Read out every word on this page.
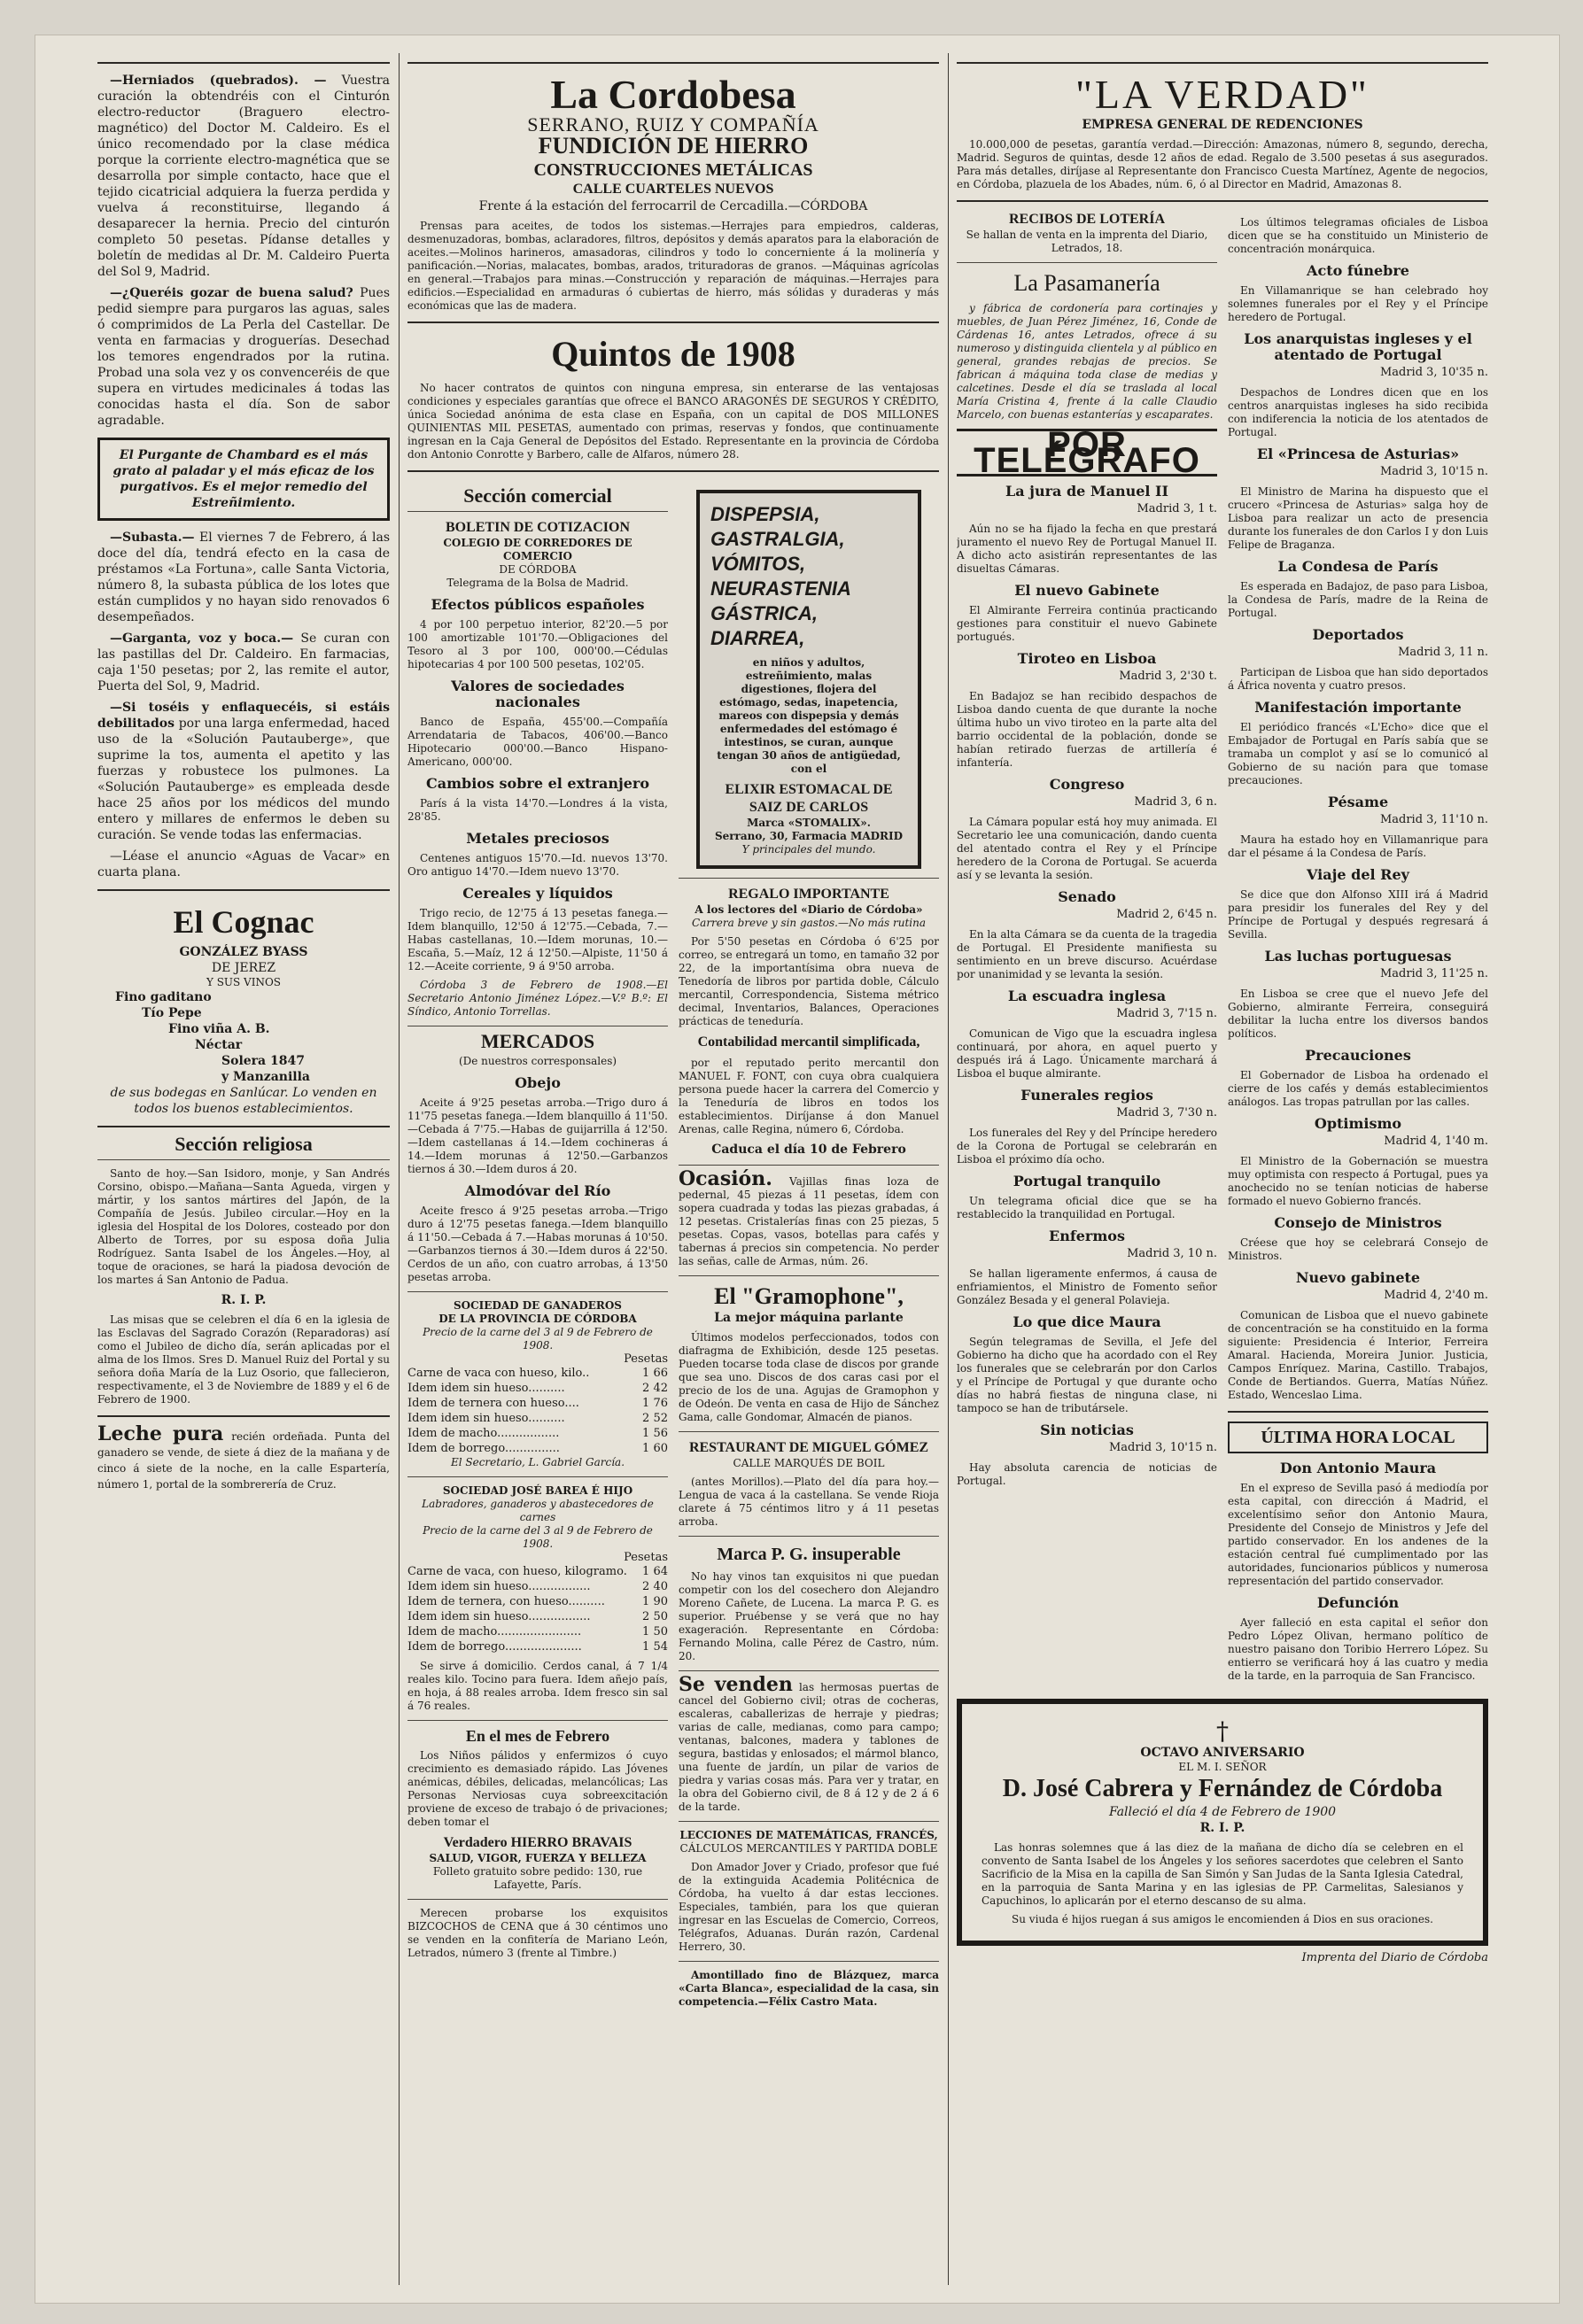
—Herniados (quebrados). — Vuestra curación la obtendréis con el Cinturón electro-reductor (Braguero electro-magnético) del Doctor M. Caldeiro. Es el único recomendado por la clase médica porque la corriente electro-magnética que se desarrolla por simple contacto, hace que el tejido cicatricial adquiera la fuerza perdida y vuelva á reconstituirse, llegando á desaparecer la hernia. Precio del cinturón completo 50 pesetas. Pídanse detalles y boletín de medidas al Dr. M. Caldeiro Puerta del Sol 9, Madrid.
—¿Queréis gozar de buena salud? Pues pedid siempre para purgaros las aguas, sales ó comprimidos de La Perla del Castellar. De venta en farmacias y droguerías. Desechad los temores engendrados por la rutina. Probad una sola vez y os convenceréis de que supera en virtudes medicinales á todas las conocidas hasta el día. Son de sabor agradable.
El Purgante de Chambard es el más grato al paladar y el más eficaz de los purgativos. Es el mejor remedio del Estreñimiento.
—Subasta.— El viernes 7 de Febrero, á las doce del día, tendrá efecto en la casa de préstamos «La Fortuna», calle Santa Victoria, número 8, la subasta pública de los lotes que están cumplidos y no hayan sido renovados 6 desempeñados.
—Garganta, voz y boca.— Se curan con las pastillas del Dr. Caldeiro. En farmacias, caja 1'50 pesetas; por 2, las remite el autor, Puerta del Sol, 9, Madrid.
—Si toséis y enflaquecéis, si estáis debilitados por una larga enfermedad, haced uso de la «Solución Pautauberge», que suprime la tos, aumenta el apetito y las fuerzas y robustece los pulmones. La «Solución Pautauberge» es empleada desde hace 25 años por los médicos del mundo entero y millares de enfermos le deben su curación. Se vende todas las enfermacias.
—Léase el anuncio «Aguas de Vacar» en cuarta plana.
El Cognac
GONZÁLEZ BYASS
DE JEREZ
Y SUS VINOS
Fino gaditano
Tío Pepe
Fino viña A. B.
Néctar
Solera 1847
y Manzanilla
de sus bodegas en Sanlúcar. Lo venden en todos los buenos establecimientos.
Sección religiosa
Santo de hoy.—San Isidoro, monje, y San Andrés Corsino, obispo.—Mañana—Santa Agueda, virgen y mártir, y los santos mártires del Japón, de la Compañía de Jesús. Jubileo circular.—Hoy en la iglesia del Hospital de los Dolores, costeado por don Alberto de Torres, por su esposa doña Julia Rodríguez. Santa Isabel de los Ángeles.—Hoy, al toque de oraciones, se hará la piadosa devoción de los martes á San Antonio de Padua.
R. I. P.
Las misas que se celebren el día 6 en la iglesia de las Esclavas del Sagrado Corazón (Reparadoras) así como el Jubileo de dicho día, serán aplicadas por el alma de los Ilmos. Sres D. Manuel Ruiz del Portal y su señora doña María de la Luz Osorio, que fallecieron, respectivamente, el 3 de Noviembre de 1889 y el 6 de Febrero de 1900.
Leche pura recién ordeñada. Punta del ganadero se vende, de siete á diez de la mañana y de cinco á siete de la noche, en la calle Espartería, número 1, portal de la sombrerería de Cruz.
La Cordobesa
SERRANO, RUIZ Y COMPAÑÍA
FUNDICIÓN DE HIERRO
CONSTRUCCIONES METÁLICAS
CALLE CUARTELES NUEVOS
Frente á la estación del ferrocarril de Cercadilla.—CÓRDOBA
Prensas para aceites, de todos los sistemas.—Herrajes para empiedros, calderas, desmenuzadoras, bombas, aclaradores, filtros, depósitos y demás aparatos para la elaboración de aceites.—Molinos harineros, amasadoras, cilindros y todo lo concerniente á la molinería y panificación.—Norias, malacates, bombas, arados, trituradoras de granos. —Máquinas agrícolas en general.—Trabajos para minas.—Construcción y reparación de máquinas.—Herrajes para edificios.—Especialidad en armaduras ó cubiertas de hierro, más sólidas y duraderas y más económicas que las de madera.
Quintos de 1908
No hacer contratos de quintos con ninguna empresa, sin enterarse de las ventajosas condiciones y especiales garantías que ofrece el BANCO ARAGONÉS DE SEGUROS Y CRÉDITO, única Sociedad anónima de esta clase en España, con un capital de DOS MILLONES QUINIENTAS MIL PESETAS, aumentado con primas, reservas y fondos, que continuamente ingresan en la Caja General de Depósitos del Estado. Representante en la provincia de Córdoba don Antonio Conrotte y Barbero, calle de Alfaros, número 28.
Sección comercial
BOLETIN DE COTIZACION
COLEGIO DE CORREDORES DE COMERCIO
DE CÓRDOBA
Telegrama de la Bolsa de Madrid.
Efectos públicos españoles
4 por 100 perpetuo interior, 82'20.—5 por 100 amortizable 101'70.—Obligaciones del Tesoro al 3 por 100, 000'00.—Cédulas hipotecarias 4 por 100 500 pesetas, 102'05.
Valores de sociedades nacionales
Banco de España, 455'00.—Compañía Arrendataria de Tabacos, 406'00.—Banco Hipotecario 000'00.—Banco Hispano-Americano, 000'00.
Cambios sobre el extranjero
París á la vista 14'70.—Londres á la vista, 28'85.
Metales preciosos
Centenes antiguos 15'70.—Id. nuevos 13'70. Oro antiguo 14'70.—Idem nuevo 13'70.
Cereales y líquidos
Trigo recio, de 12'75 á 13 pesetas fanega.—Idem blanquillo, 12'50 á 12'75.—Cebada, 7.—Habas castellanas, 10.—Idem morunas, 10.—Escaña, 5.—Maíz, 12 á 12'50.—Alpiste, 11'50 á 12.—Aceite corriente, 9 á 9'50 arroba.
Córdoba 3 de Febrero de 1908.—El Secretario Antonio Jiménez López.—V.º B.º: El Síndico, Antonio Torrellas.
MERCADOS
(De nuestros corresponsales)
Obejo
Aceite á 9'25 pesetas arroba.—Trigo duro á 11'75 pesetas fanega.—Idem blanquillo á 11'50.—Cebada á 7'75.—Habas de guijarrilla á 12'50.—Idem castellanas á 14.—Idem cochineras á 14.—Idem morunas á 12'50.—Garbanzos tiernos á 30.—Idem duros á 20.
Almodóvar del Río
Aceite fresco á 9'25 pesetas arroba.—Trigo duro á 12'75 pesetas fanega.—Idem blanquillo á 11'50.—Cebada á 7.—Habas morunas á 10'50. —Garbanzos tiernos á 30.—Idem duros á 22'50. Cerdos de un año, con cuatro arrobas, á 13'50 pesetas arroba.
SOCIEDAD DE GANADEROS
DE LA PROVINCIA DE CÓRDOBA
Precio de la carne del 3 al 9 de Febrero de 1908.
Pesetas
Carne de vaca con hueso, kilo..	1 66
Idem idem sin hueso..........	2 42
Idem de ternera con hueso....	1 76
Idem idem sin hueso..........	2 52
Idem de macho.................	1 56
Idem de borrego...............	1 60
El Secretario, L. Gabriel García.
SOCIEDAD JOSÉ BAREA É HIJO
Labradores, ganaderos y abastecedores de carnes
Precio de la carne del 3 al 9 de Febrero de 1908.
Pesetas
Carne de vaca, con hueso, kilogramo. 1 64
Idem idem sin hueso.................	2 40
Idem de ternera, con hueso..........	1 90
Idem idem sin hueso.................	2 50
Idem de macho.......................	1 50
Idem de borrego.....................	1 54
Se sirve á domicilio. Cerdos canal, á 7 1/4 reales kilo. Tocino para fuera. Idem añejo país, en hoja, á 88 reales arroba. Idem fresco sin sal á 76 reales.
En el mes de Febrero
Los Niños pálidos y enfermizos ó cuyo crecimiento es demasiado rápido. Las Jóvenes anémicas, débiles, delicadas, melancólicas; Las Personas Nerviosas cuya sobreexcitación proviene de exceso de trabajo ó de privaciones; deben tomar el
Verdadero HIERRO BRAVAIS
SALUD, VIGOR, FUERZA Y BELLEZA
Folleto gratuito sobre pedido: 130, rue Lafayette, París.
Merecen probarse los exquisitos BIZCOCHOS de CENA que á 30 céntimos uno se venden en la confitería de Mariano León, Letrados, número 3 (frente al Timbre.)
DISPEPSIA,
GASTRALGIA,
VÓMITOS,
NEURASTENIA
GÁSTRICA,
DIARREA,
en niños y adultos, estreñimiento, malas digestiones, flojera del estómago, sedas, inapetencia, mareos con dispepsia y demás enfermedades del estómago é intestinos, se curan, aunque tengan 30 años de antigüedad, con el
ELIXIR ESTOMACAL DE SAIZ DE CARLOS
Marca «STOMALIX».
Serrano, 30, Farmacia MADRID
Y principales del mundo.
REGALO IMPORTANTE
A los lectores del «Diario de Córdoba»
Carrera breve y sin gastos.—No más rutina
Por 5'50 pesetas en Córdoba ó 6'25 por correo, se entregará un tomo, en tamaño 32 por 22, de la importantísima obra nueva de Tenedoría de libros por partida doble, Cálculo mercantil, Correspondencia, Sistema métrico decimal, Inventarios, Balances, Operaciones prácticas de teneduría.
Contabilidad mercantil simplificada,
por el reputado perito mercantil don MANUEL F. FONT, con cuya obra cualquiera persona puede hacer la carrera del Comercio y la Teneduría de libros en todos los establecimientos. Diríjanse á don Manuel Arenas, calle Regina, número 6, Córdoba.
Caduca el día 10 de Febrero
Ocasión. Vajillas finas loza de pedernal, 45 piezas á 11 pesetas, ídem con sopera cuadrada y todas las piezas grabadas, á 12 pesetas. Cristalerías finas con 25 piezas, 5 pesetas. Copas, vasos, botellas para cafés y tabernas á precios sin competencia. No perder las señas, calle de Armas, núm. 26.
El "Gramophone",
La mejor máquina parlante
Últimos modelos perfeccionados, todos con diafragma de Exhibición, desde 125 pesetas. Pueden tocarse toda clase de discos por grande que sea uno. Discos de dos caras casi por el precio de los de una. Agujas de Gramophon y de Odeón. De venta en casa de Hijo de Sánchez Gama, calle Gondomar, Almacén de pianos.
RESTAURANT DE MIGUEL GÓMEZ
CALLE MARQUÉS DE BOIL
(antes Morillos).—Plato del día para hoy.—Lengua de vaca á la castellana. Se vende Rioja clarete á 75 céntimos litro y á 11 pesetas arroba.
Marca P. G. insuperable
No hay vinos tan exquisitos ni que puedan competir con los del cosechero don Alejandro Moreno Cañete, de Lucena. La marca P. G. es superior. Pruébense y se verá que no hay exageración. Representante en Córdoba: Fernando Molina, calle Pérez de Castro, núm. 20.
Se venden las hermosas puertas de cancel del Gobierno civil; otras de cocheras, escaleras, caballerizas de herraje y piedras; varias de calle, medianas, como para campo; ventanas, balcones, madera y tablones de segura, bastidas y enlosados; el mármol blanco, una fuente de jardín, un pilar de varios de piedra y varias cosas más. Para ver y tratar, en la obra del Gobierno civil, de 8 á 12 y de 2 á 6 de la tarde.
LECCIONES DE MATEMÁTICAS, FRANCÉS,
CÁLCULOS MERCANTILES Y PARTIDA DOBLE
Don Amador Jover y Criado, profesor que fué de la extinguida Academia Politécnica de Córdoba, ha vuelto á dar estas lecciones. Especiales, también, para los que quieran ingresar en las Escuelas de Comercio, Correos, Telégrafos, Aduanas. Durán razón, Cardenal Herrero, 30.
Amontillado fino de Blázquez, marca «Carta Blanca», especialidad de la casa, sin competencia.—Félix Castro Mata.
"LA VERDAD"
EMPRESA GENERAL DE REDENCIONES
10.000,000 de pesetas, garantía verdad.—Dirección: Amazonas, número 8, segundo, derecha, Madrid. Seguros de quintas, desde 12 años de edad. Regalo de 3.500 pesetas á sus asegurados. Para más detalles, diríjase al Representante don Francisco Cuesta Martínez, Agente de negocios, en Córdoba, plazuela de los Abades, núm. 6, ó al Director en Madrid, Amazonas 8.
RECIBOS DE LOTERÍA
Se hallan de venta en la imprenta del Diario, Letrados, 18.
La Pasamanería
y fábrica de cordonería para cortinajes y muebles, de Juan Pérez Jiménez, 16, Conde de Cárdenas 16, antes Letrados, ofrece á su numeroso y distinguida clientela y al público en general, grandes rebajas de precios. Se fabrican á máquina toda clase de medias y calcetines. Desde el día se traslada al local María Cristina 4, frente á la calle Claudio Marcelo, con buenas estanterías y escaparates.
POR TELÉGRAFO
La jura de Manuel II
Madrid 3, 1 t.
Aún no se ha fijado la fecha en que prestará juramento el nuevo Rey de Portugal Manuel II. A dicho acto asistirán representantes de las disueltas Cámaras.
El nuevo Gabinete
El Almirante Ferreira continúa practicando gestiones para constituir el nuevo Gabinete portugués.
Tiroteo en Lisboa
Madrid 3, 2'30 t.
En Badajoz se han recibido despachos de Lisboa dando cuenta de que durante la noche última hubo un vivo tiroteo en la parte alta del barrio occidental de la población, donde se habían retirado fuerzas de artillería é infantería.
Congreso
Madrid 3, 6 n.
La Cámara popular está hoy muy animada. El Secretario lee una comunicación, dando cuenta del atentado contra el Rey y el Príncipe heredero de la Corona de Portugal. Se acuerda así y se levanta la sesión.
Senado
Madrid 2, 6'45 n.
En la alta Cámara se da cuenta de la tragedia de Portugal. El Presidente manifiesta su sentimiento en un breve discurso. Acuérdase por unanimidad y se levanta la sesión.
La escuadra inglesa
Madrid 3, 7'15 n.
Comunican de Vigo que la escuadra inglesa continuará, por ahora, en aquel puerto y después irá á Lago. Únicamente marchará á Lisboa el buque almirante.
Funerales regios
Madrid 3, 7'30 n.
Los funerales del Rey y del Príncipe heredero de la Corona de Portugal se celebrarán en Lisboa el próximo día ocho.
Portugal tranquilo
Un telegrama oficial dice que se ha restablecido la tranquilidad en Portugal.
Enfermos
Madrid 3, 10 n.
Se hallan ligeramente enfermos, á causa de enfriamientos, el Ministro de Fomento señor González Besada y el general Polavieja.
Lo que dice Maura
Según telegramas de Sevilla, el Jefe del Gobierno ha dicho que ha acordado con el Rey los funerales que se celebrarán por don Carlos y el Príncipe de Portugal y que durante ocho días no habrá fiestas de ninguna clase, ni tampoco se han de tributársele.
Sin noticias
Madrid 3, 10'15 n.
Hay absoluta carencia de noticias de Portugal.
Los últimos telegramas oficiales de Lisboa dicen que se ha constituido un Ministerio de concentración monárquica.
Acto fúnebre
En Villamanrique se han celebrado hoy solemnes funerales por el Rey y el Príncipe heredero de Portugal.
Los anarquistas ingleses y el atentado de Portugal
Madrid 3, 10'35 n.
Despachos de Londres dicen que en los centros anarquistas ingleses ha sido recibida con indiferencia la noticia de los atentados de Portugal.
El «Princesa de Asturias»
Madrid 3, 10'15 n.
El Ministro de Marina ha dispuesto que el crucero «Princesa de Asturias» salga hoy de Lisboa para realizar un acto de presencia durante los funerales de don Carlos I y don Luis Felipe de Braganza.
La Condesa de París
Es esperada en Badajoz, de paso para Lisboa, la Condesa de París, madre de la Reina de Portugal.
Deportados
Madrid 3, 11 n.
Participan de Lisboa que han sido deportados á África noventa y cuatro presos.
Manifestación importante
El periódico francés «L'Echo» dice que el Embajador de Portugal en París sabía que se tramaba un complot y así se lo comunicó al Gobierno de su nación para que tomase precauciones.
Pésame
Madrid 3, 11'10 n.
Maura ha estado hoy en Villamanrique para dar el pésame á la Condesa de París.
Viaje del Rey
Se dice que don Alfonso XIII irá á Madrid para presidir los funerales del Rey y del Príncipe de Portugal y después regresará á Sevilla.
Las luchas portuguesas
Madrid 3, 11'25 n.
En Lisboa se cree que el nuevo Jefe del Gobierno, almirante Ferreira, conseguirá debilitar la lucha entre los diversos bandos políticos.
Precauciones
El Gobernador de Lisboa ha ordenado el cierre de los cafés y demás establecimientos análogos. Las tropas patrullan por las calles.
Optimismo
Madrid 4, 1'40 m.
El Ministro de la Gobernación se muestra muy optimista con respecto á Portugal, pues ya anochecido no se tenían noticias de haberse formado el nuevo Gobierno francés.
Consejo de Ministros
Créese que hoy se celebrará Consejo de Ministros.
Nuevo gabinete
Madrid 4, 2'40 m.
Comunican de Lisboa que el nuevo gabinete de concentración se ha constituido en la forma siguiente: Presidencia é Interior, Ferreira Amaral. Hacienda, Moreira Junior. Justicia, Campos Enríquez. Marina, Castillo. Trabajos, Conde de Bertiandos. Guerra, Matías Núñez. Estado, Wenceslao Lima.
ÚLTIMA HORA LOCAL
Don Antonio Maura
En el expreso de Sevilla pasó á mediodía por esta capital, con dirección á Madrid, el excelentísimo señor don Antonio Maura, Presidente del Consejo de Ministros y Jefe del partido conservador. En los andenes de la estación central fué cumplimentado por las autoridades, funcionarios públicos y numerosa representación del partido conservador.
Defunción
Ayer falleció en esta capital el señor don Pedro López Olivan, hermano político de nuestro paisano don Toribio Herrero López. Su entierro se verificará hoy á las cuatro y media de la tarde, en la parroquia de San Francisco.
†
OCTAVO ANIVERSARIO
EL M. I. SEÑOR
D. José Cabrera y Fernández de Córdoba
Falleció el día 4 de Febrero de 1900
R. I. P.
Las honras solemnes que á las diez de la mañana de dicho día se celebren en el convento de Santa Isabel de los Ángeles y los señores sacerdotes que celebren el Santo Sacrificio de la Misa en la capilla de San Simón y San Judas de la Santa Iglesia Catedral, en la parroquia de Santa Marina y en las iglesias de PP. Carmelitas, Salesianos y Capuchinos, lo aplicarán por el eterno descanso de su alma.
Su viuda é hijos ruegan á sus amigos le encomienden á Dios en sus oraciones.
Imprenta del Diario de Córdoba
